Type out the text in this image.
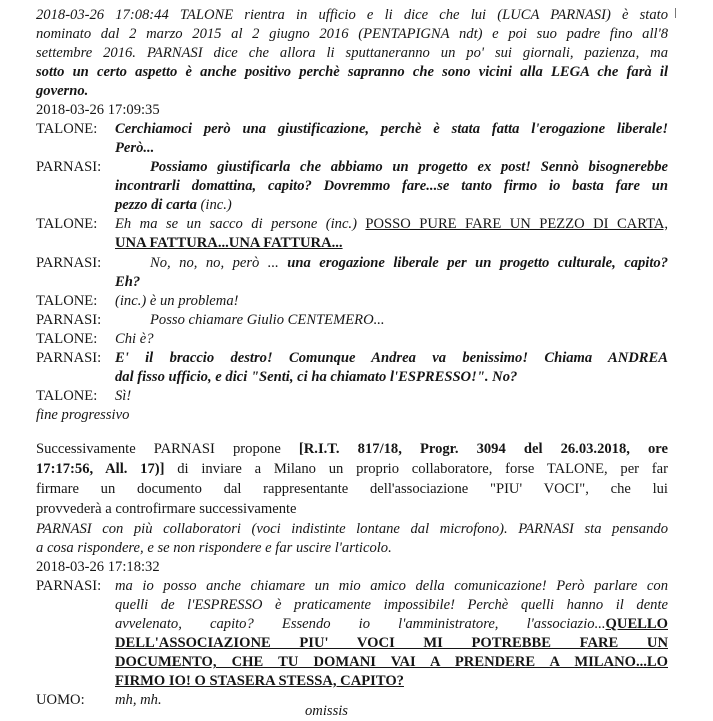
2018-03-26 17:08:44 TALONE rientra in ufficio e li dice che lui (LUCA PARNASI) è stato
nominato dal 2 marzo 2015 al 2 giugno 2016 (PENTAPIGNA ndt) e poi suo padre fino all'8
settembre 2016. PARNASI dice che allora li sputtaneranno un po' sui giornali, pazienza, ma
sotto un certo aspetto è anche positivo perchè sapranno che sono vicini alla LEGA che farà il
governo.
2018-03-26 17:09:35
TALONE: Cerchiamoci però una giustificazione, perchè è stata fatta l'erogazione liberale!
Però...
PARNASI:	Possiamo giustificarla che abbiamo un progetto ex post! Sennò bisognerebbe
incontrarli domattina, capito? Dovremmo fare...se tanto firmo io basta fare un
pezzo di carta (inc.)
TALONE: Eh ma se un sacco di persone (inc.) POSSO PURE FARE UN PEZZO DI CARTA,
UNA FATTURA...UNA FATTURA...
PARNASI:	No, no, no, però ... una erogazione liberale per un progetto culturale, capito?
Eh?
TALONE: (inc.) è un problema!
PARNASI:	Posso chiamare Giulio CENTEMERO...
TALONE: Chi è?
PARNASI: E' il braccio destro! Comunque Andrea va benissimo! Chiama ANDREA
dal fisso ufficio, e dici "Senti, ci ha chiamato l'ESPRESSO!". No?
TALONE: Sì!
fine progressivo
Successivamente PARNASI propone [R.I.T. 817/18, Progr. 3094 del 26.03.2018, ore
17:17:56, All. 17)] di inviare a Milano un proprio collaboratore, forse TALONE, per far
firmare un documento dal rappresentante dell'associazione "PIU' VOCI", che lui
provvederà a controfirmare successivamente
PARNASI con più collaboratori (voci indistinte lontane dal microfono). PARNASI sta pensando
a cosa rispondere, e se non rispondere e far uscire l'articolo.
2018-03-26 17:18:32
PARNASI: ma io posso anche chiamare un mio amico della comunicazione! Però parlare con
quelli de l'ESPRESSO è praticamente impossibile! Perchè quelli hanno il dente
avvelenato, capito? Essendo io l'amministratore, l'associazio...QUELLO
DELL'ASSOCIAZIONE PIU' VOCI MI POTREBBE FARE UN
DOCUMENTO, CHE TU DOMANI VAI A PRENDERE A MILANO...LO
FIRMO IO! O STASERA STESSA, CAPITO?
UOMO: mh, mh.
omissis
